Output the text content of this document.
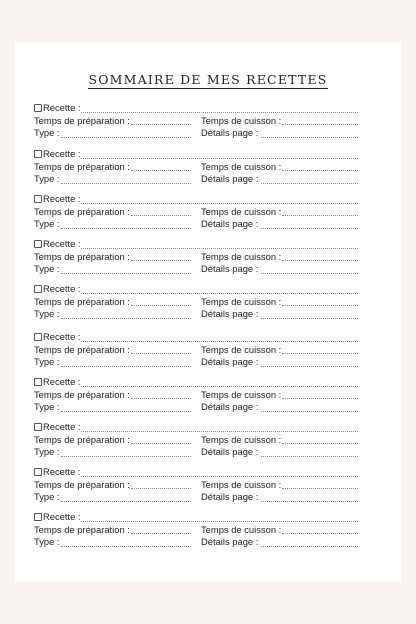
SOMMAIRE DE MES RECETTES
Recette :
Temps de préparation :	Temps de cuisson :
Type :	Détails page :
Recette :
Temps de préparation :	Temps de cuisson :
Type :	Détails page :
Recette :
Temps de préparation :	Temps de cuisson :
Type :	Détails page :
Recette :
Temps de préparation :	Temps de cuisson :
Type :	Détails page :
Recette :
Temps de préparation :	Temps de cuisson :
Type :	Détails page :
Recette :
Temps de préparation :	Temps de cuisson :
Type :	Détails page :
Recette :
Temps de préparation :	Temps de cuisson :
Type :	Détails page :
Recette :
Temps de préparation :	Temps de cuisson :
Type :	Détails page :
Recette :
Temps de préparation :	Temps de cuisson :
Type :	Détails page :
Recette :
Temps de préparation :	Temps de cuisson :
Type :	Détails page :
